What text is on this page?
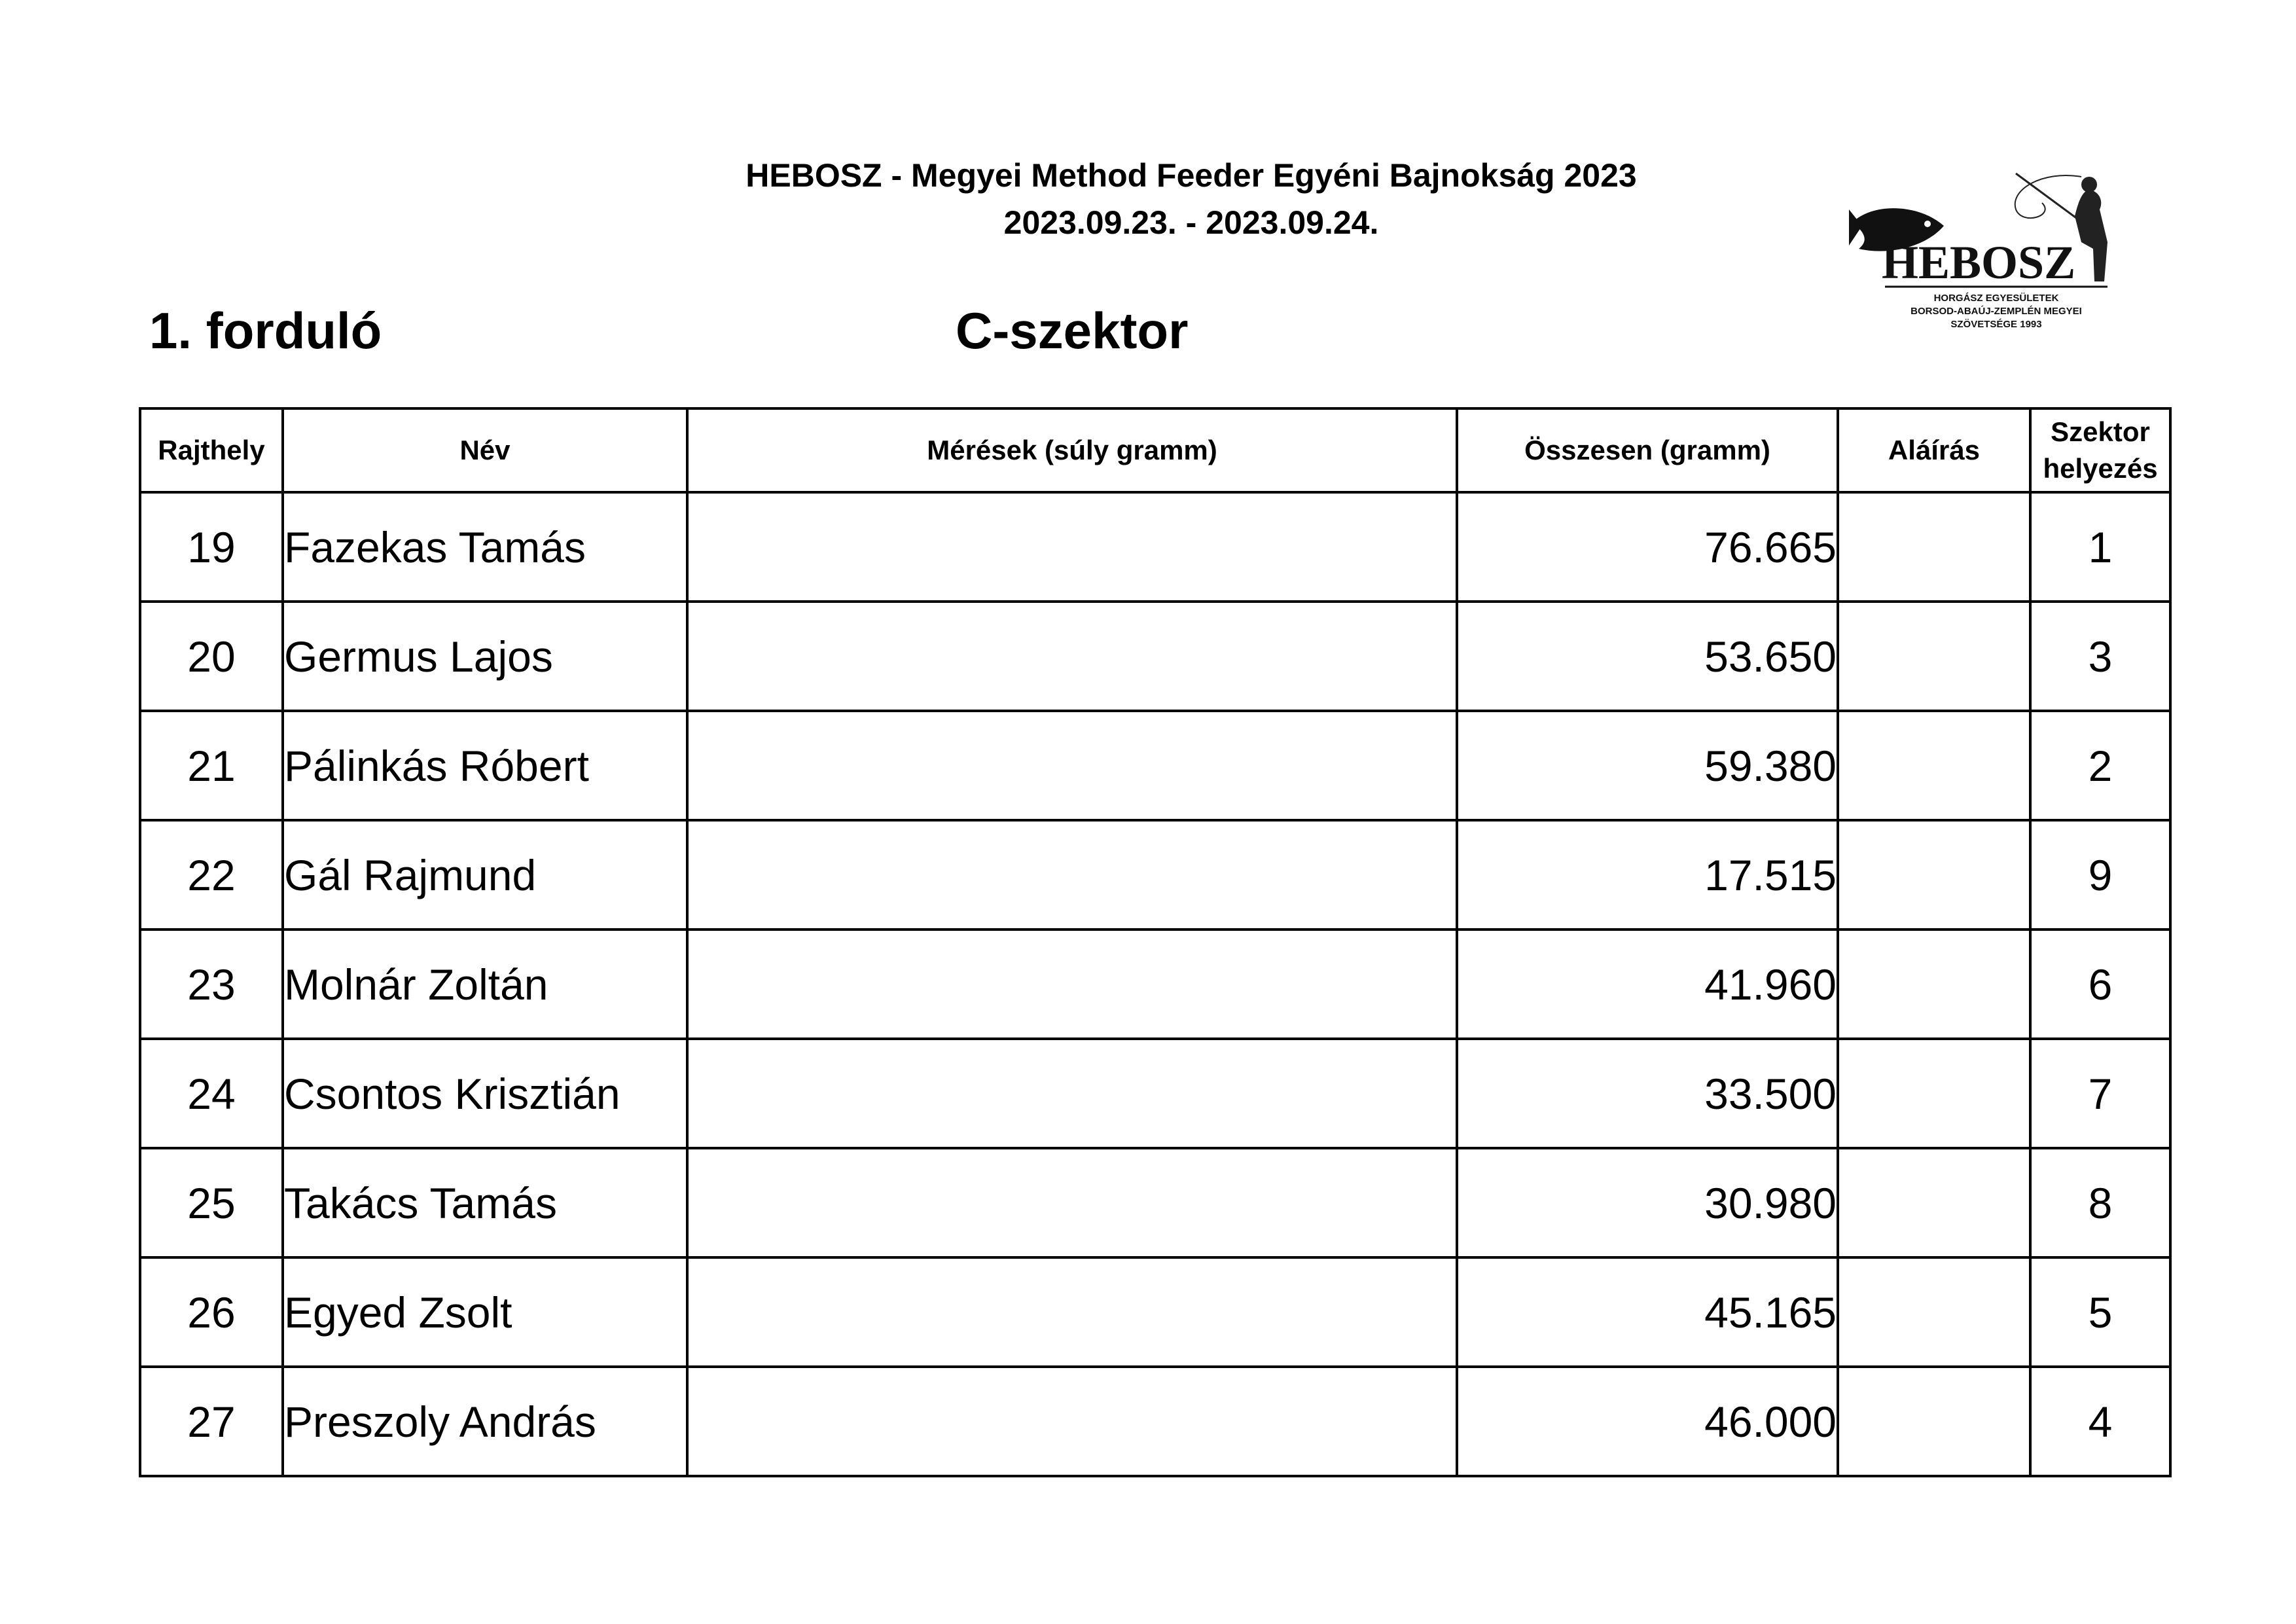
HEBOSZ - Megyei Method Feeder Egyéni Bajnokság 2023
2023.09.23. - 2023.09.24.
1. forduló	C-szektor
HEBOSZ
HORGÁSZ EGYESÜLETEK
BORSOD-ABAÚJ-ZEMPLÉN MEGYEI
SZÖVETSÉGE 1993
Rajthely	Név	Mérések (súly gramm)	Összesen (gramm)	Aláírás	Szektor
helyezés

19	Fazekas Tamás		76.665		1
20	Germus Lajos		53.650		3
21	Pálinkás Róbert		59.380		2
22	Gál Rajmund		17.515		9
23	Molnár Zoltán		41.960		6
24	Csontos Krisztián		33.500		7
25	Takács Tamás		30.980		8
26	Egyed Zsolt		45.165		5
27	Preszoly András		46.000		4
